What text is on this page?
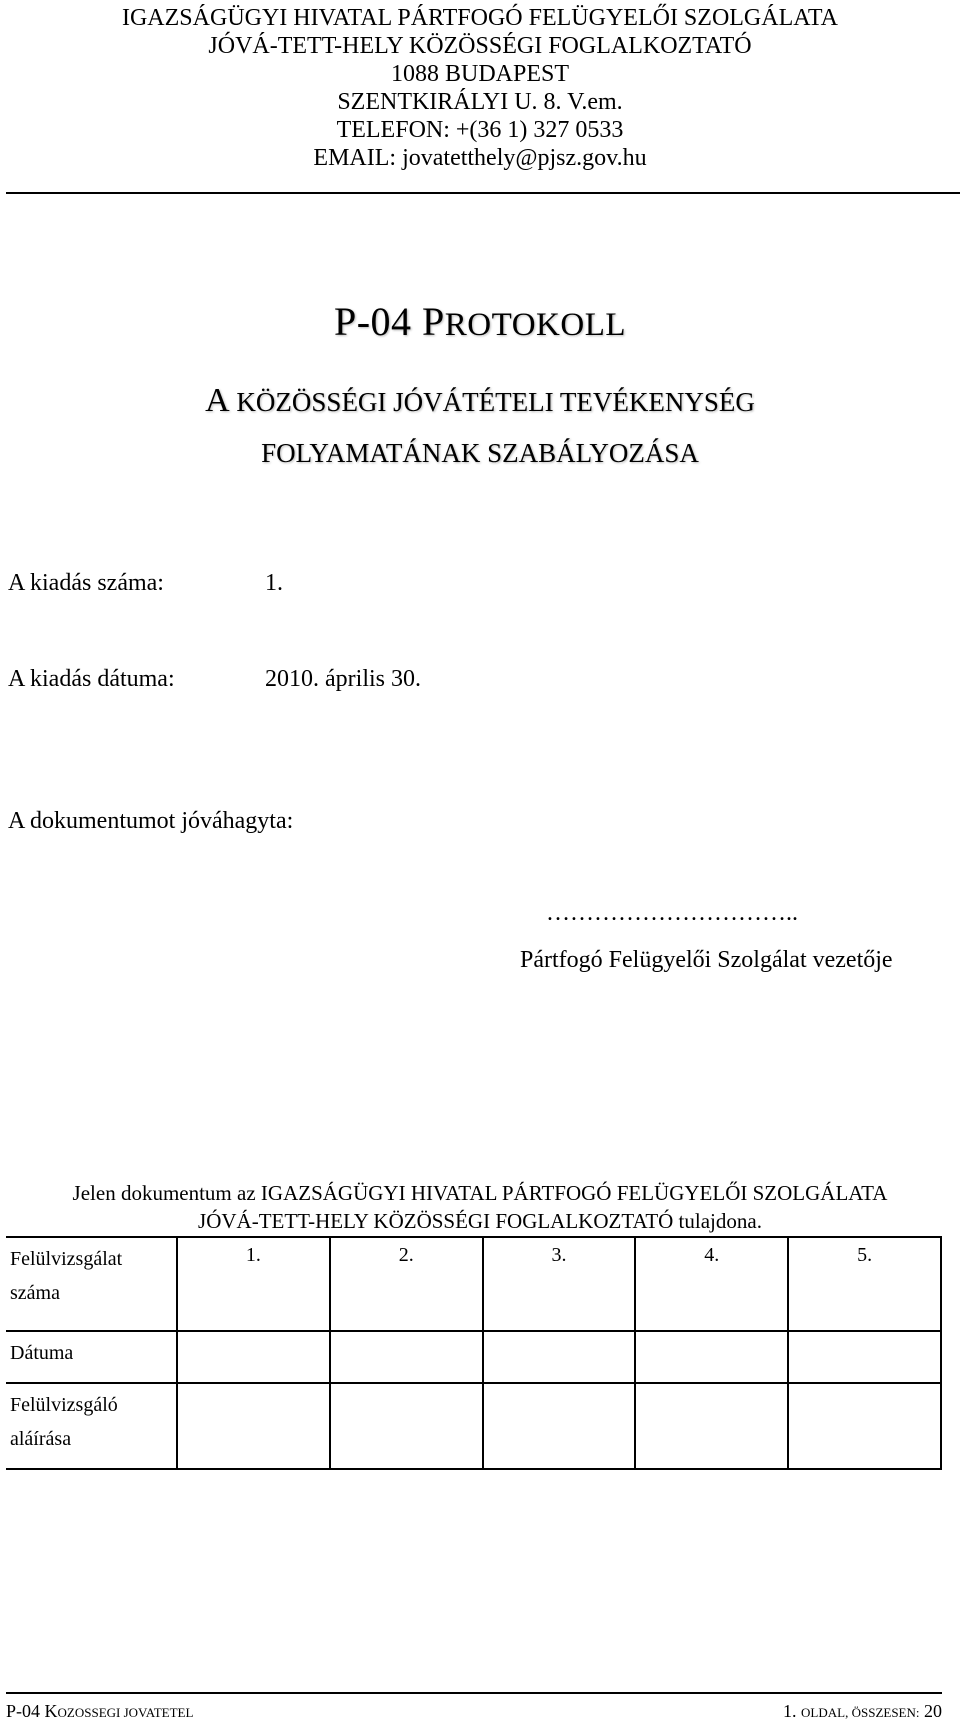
IGAZSÁGÜGYI HIVATAL PÁRTFOGÓ FELÜGYELŐI SZOLGÁLATA
JÓVÁ-TETT-HELY KÖZÖSSÉGI FOGLALKOZTATÓ
1088 BUDAPEST
SZENTKIRÁLYI U. 8. V.em.
TELEFON: +(36 1) 327 0533
EMAIL: jovatetthely@pjsz.gov.hu
P-04 PROTOKOLL
A KÖZÖSSÉGI JÓVÁTÉTELI TEVÉKENYSÉG
FOLYAMATÁNAK SZABÁLYOZÁSA
A kiadás száma:	1.
A kiadás dátuma:	2010. április 30.
A dokumentumot jóváhagyta:
…………………………..
Pártfogó Felügyelői Szolgálat vezetője
Jelen dokumentum az IGAZSÁGÜGYI HIVATAL PÁRTFOGÓ FELÜGYELŐI SZOLGÁLATA
JÓVÁ-TETT-HELY KÖZÖSSÉGI FOGLALKOZTATÓ tulajdona.
Felülvizsgálat
száma	1.	2.	3.	4.	5.
Dátuma					
Felülvizsgáló
aláírása					
P-04 KOZOSSEGI JOVATETEL	1. OLDAL, ÖSSZESEN: 20
